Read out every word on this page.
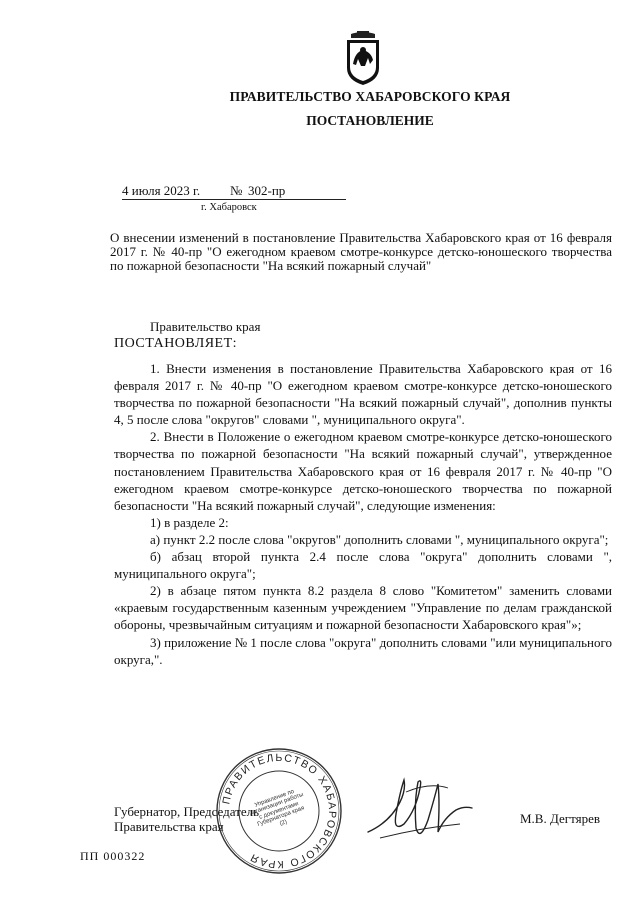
ПРАВИТЕЛЬСТВО ХАБАРОВСКОГО КРАЯ
ПОСТАНОВЛЕНИЕ
4 июля 2023 г. № 302-пр
г. Хабаровск
О внесении изменений в постановление Правительства Хабаровского края от 16 февраля 2017 г. № 40-пр "О ежегодном краевом смотре-конкурсе детско-юношеского творчества по пожарной безопасности "На всякий пожарный случай"
Правительство края
ПОСТАНОВЛЯЕТ:

1. Внести изменения в постановление Правительства Хабаровского края от 16 февраля 2017 г. № 40-пр "О ежегодном краевом смотре-конкурсе детско-юношеского творчества по пожарной безопасности "На всякий пожарный случай", дополнив пункты 4, 5 после слова "округов" словами ", муниципального округа".

2. Внести в Положение о ежегодном краевом смотре-конкурсе детско-юношеского творчества по пожарной безопасности "На всякий пожарный случай", утвержденное постановлением Правительства Хабаровского края от 16 февраля 2017 г. № 40-пр "О ежегодном краевом смотре-конкурсе детско-юношеского творчества по пожарной безопасности "На всякий пожарный случай", следующие изменения:

1) в разделе 2:

а) пункт 2.2 после слова "округов" дополнить словами ", муниципального округа";

б) абзац второй пункта 2.4 после слова "округа" дополнить словами ", муниципального округа";

2) в абзаце пятом пункта 8.2 раздела 8 слово "Комитетом" заменить словами «краевым государственным казенным учреждением "Управление по делам гражданской обороны, чрезвычайным ситуациям и пожарной безопасности Хабаровского края"»;

3) приложение № 1 после слова "округа" дополнить словами "или муниципального округа,".

ПРАВИТЕЛЬСТВО ХАБАРОВСКОГО КРАЯ
Управление по организации работы с документами Губернатора края (2)
Губернатор, Председатель
Правительства края
М.В. Дегтярев
ПП 000322
